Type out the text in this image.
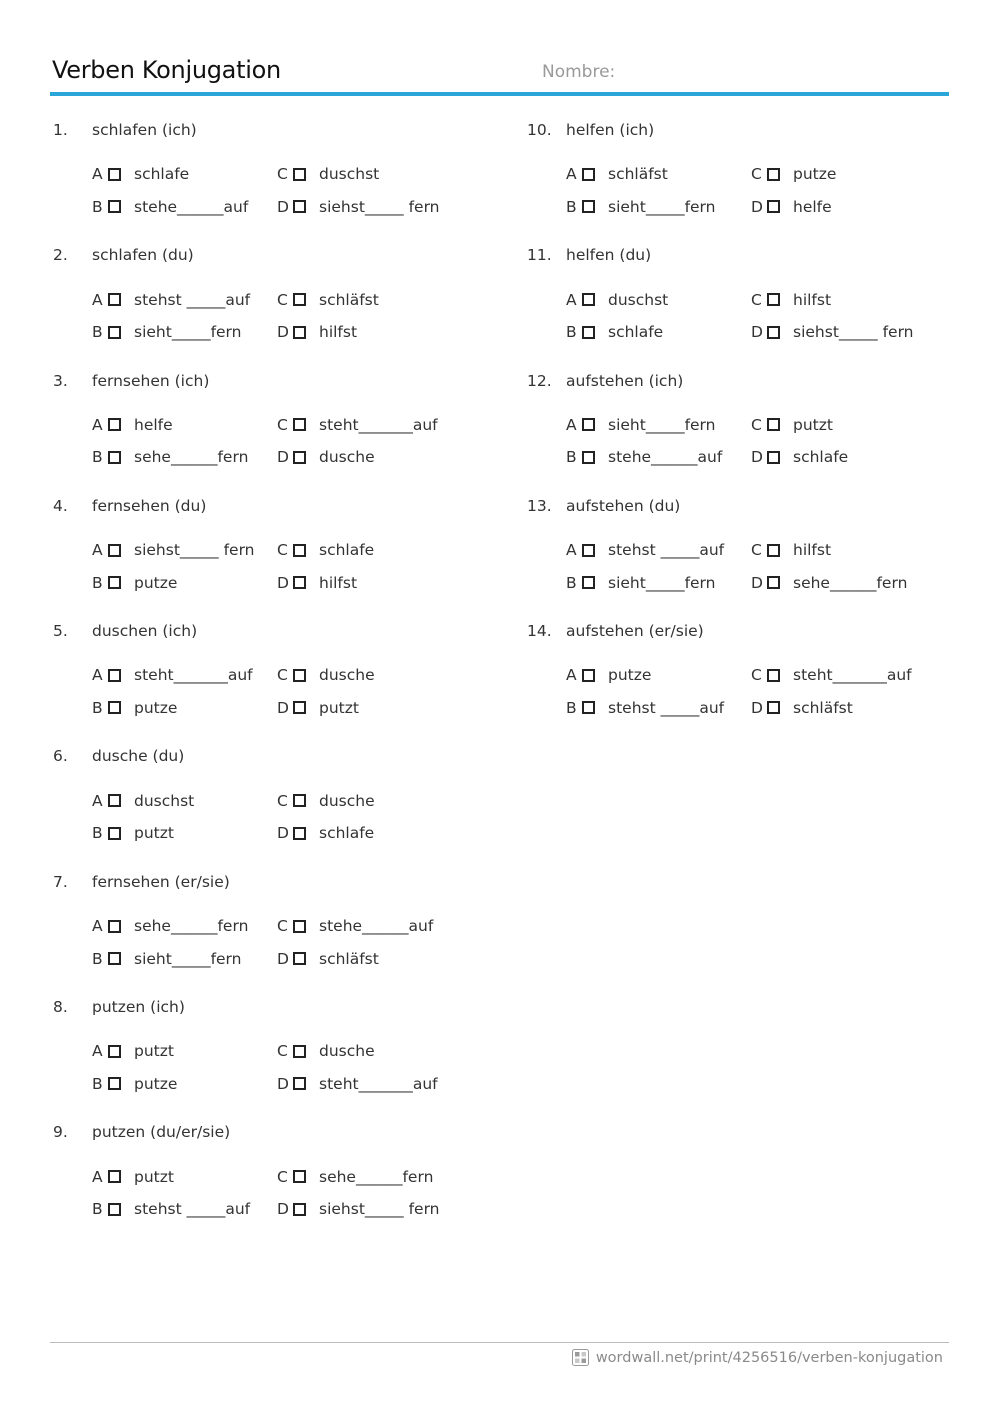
Verben Konjugation	Nombre:
1.	schlafen (ich)
A	schlafe	C	duschst
B	stehe______auf D siehst_____ fern
2.	schlafen (du)
A	stehst _____auf C	schläfst
B	sieht_____fern D hilfst
3.	fernsehen (ich)
A	helfe	C	steht_______auf
B	sehe______fern D dusche
4.	fernsehen (du)
A	siehst_____ fern C	schlafe
B	putze	D hilfst
5.	duschen (ich)
A	steht_______auf C	dusche
B	putze	D putzt
6.	dusche (du)
A	duschst	C	dusche
B	putzt	D schlafe
7.	fernsehen (er/sie)
A	sehe______fern C	stehe______auf
B	sieht_____fern D schläfst
8.	putzen (ich)
A	putzt	C	dusche
B	putze	D steht_______auf
9.	putzen (du/er/sie)
A	putzt	C	sehe______fern
B	stehst _____auf D siehst_____ fern
10. helfen (ich)
A	schläfst	C	putze
B	sieht_____fern D helfe
11. helfen (du)
A	duschst	C	hilfst
B	schlafe	D siehst_____ fern
12. aufstehen (ich)
A	sieht_____fern C	putzt
B	stehe______auf D schlafe
13. aufstehen (du)
A	stehst _____auf C	hilfst
B	sieht_____fern D sehe______fern
14. aufstehen (er/sie)
A	putze	C	steht_______auf
B	stehst _____auf D schläfst
wordwall.net/print/4256516/verben-konjugation
